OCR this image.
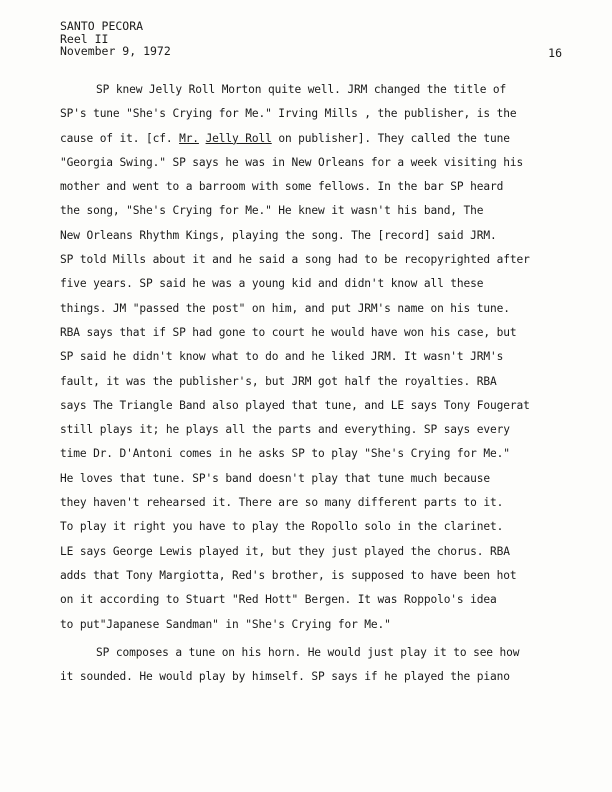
SANTO PECORA
Reel II
November 9, 1972	16
SP knew Jelly Roll Morton quite well. JRM changed the title of
SP's tune "She's Crying for Me." Irving Mills , the publisher, is the
cause of it. [cf. Mr. Jelly Roll on publisher]. They called the tune
"Georgia Swing." SP says he was in New Orleans for a week visiting his
mother and went to a barroom with some fellows. In the bar SP heard
the song, "She's Crying for Me." He knew it wasn't his band, The
New Orleans Rhythm Kings, playing the song. The [record] said JRM.
SP told Mills about it and he said a song had to be recopyrighted after
five years. SP said he was a young kid and didn't know all these
things. JM "passed the post" on him, and put JRM's name on his tune.
RBA says that if SP had gone to court he would have won his case, but
SP said he didn't know what to do and he liked JRM. It wasn't JRM's
fault, it was the publisher's, but JRM got half the royalties. RBA
says The Triangle Band also played that tune, and LE says Tony Fougerat
still plays it; he plays all the parts and everything. SP says every
time Dr. D'Antoni comes in he asks SP to play "She's Crying for Me."
He loves that tune. SP's band doesn't play that tune much because
they haven't rehearsed it. There are so many different parts to it.
To play it right you have to play the Ropollo solo in the clarinet.
LE says George Lewis played it, but they just played the chorus. RBA
adds that Tony Margiotta, Red's brother, is supposed to have been hot
on it according to Stuart "Red Hott" Bergen. It was Roppolo's idea
to put"Japanese Sandman" in "She's Crying for Me."
SP composes a tune on his horn. He would just play it to see how
it sounded. He would play by himself. SP says if he played the piano
